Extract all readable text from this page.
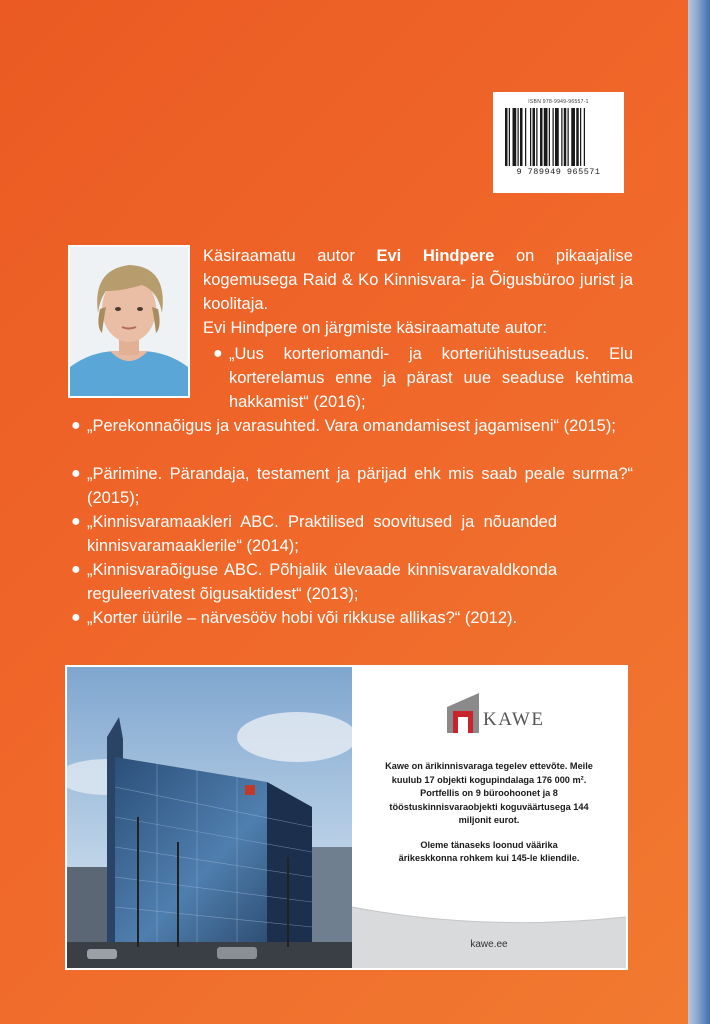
ISBN 978-9949-96557-1
9 789949 965571

Käsiraamatu autor Evi Hindpere on pikaajalise kogemusega Raid & Ko Kinnisvara- ja Õigusbüroo jurist ja koolitaja.

Evi Hindpere on järgmiste käsiraamatute autor:

● „Uus korteriomandi- ja korteriühistuseadus. Elu korterelamus enne ja pärast uue seaduse kehtima hakkamist“ (2016);
● „Perekonnaõigus ja varasuhted. Vara omandamisest jagamiseni“ (2015);
● „Pärimine. Pärandaja, testament ja pärijad ehk mis saab peale surma?“ (2015);
● „Kinnisvaramaakleri ABC. Praktilised soovitused ja nõuanded kinnisvaramaaklerile“ (2014);
● „Kinnisvaraõiguse ABC. Põhjalik ülevaade kinnisvaravaldkonda reguleerivatest õigusaktidest“ (2013);
● „Korter üürile – närvesööv hobi või rikkuse allikas?“ (2012).
KAWE

Kawe on ärikinnisvaraga tegelev ettevõte. Meile kuulub 17 objekti kogupindalaga 176 000 m². Portfellis on 9 büroohoonet ja 8 tööstuskinnisvaraobjekti koguväärtusega 144 miljonit eurot.

Oleme tänaseks loonud väärika ärikeskkonna rohkem kui 145-le kliendile.

kawe.ee
